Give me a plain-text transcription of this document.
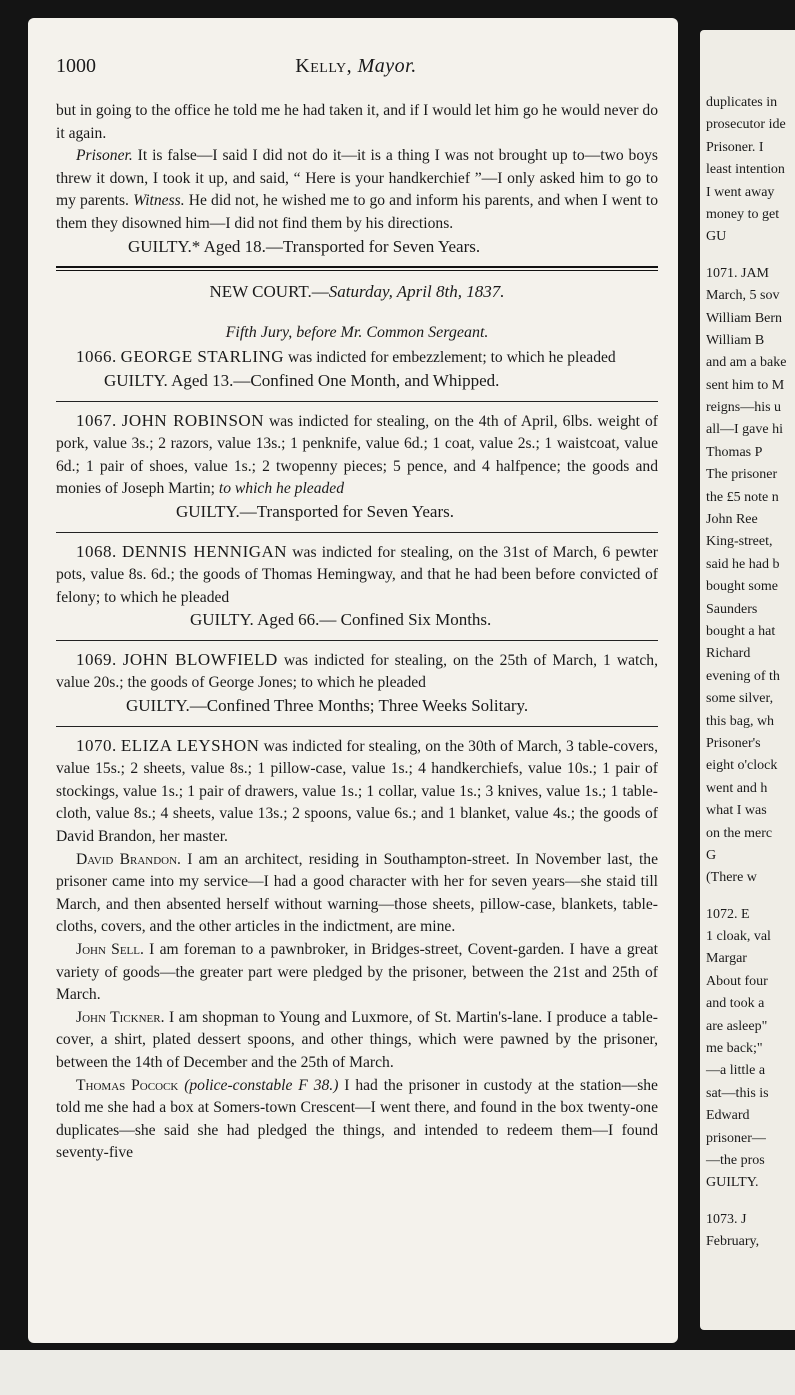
duplicates in
prosecutor ide
Prisoner. I
least intention
I went away
money to get
GU
1071. JAM
March, 5 sov
William Bern
William B
and am a bake
sent him to M
reigns—his u
all—I gave hi
Thomas P
The prisoner
the £5 note n
John Ree
King-street,
said he had b
bought some
Saunders
bought a hat
Richard
evening of th
some silver,
this bag, wh
Prisoner's
eight o'clock
went and h
what I was
on the merc
G
(There w
1072. E
1 cloak, val
Margar
About four
and took a
are asleep"
me back;"
—a little a
sat—this is
Edward
prisoner—
—the pros
GUILTY.
1073. J
February,
1000	Kelly, Mayor.

but in going to the office he told me he had taken it, and if I would let him go he would never do it again.

Prisoner. It is false—I said I did not do it—it is a thing I was not brought up to—two boys threw it down, I took it up, and said, “ Here is your handkerchief ”—I only asked him to go to my parents. Witness. He did not, he wished me to go and inform his parents, and when I went to them they disowned him—I did not find them by his directions.

GUILTY.* Aged 18.—Transported for Seven Years.
NEW COURT.—Saturday, April 8th, 1837.
Fifth Jury, before Mr. Common Sergeant.

1066. GEORGE STARLING was indicted for embezzlement; to which he pleaded

GUILTY. Aged 13.—Confined One Month, and Whipped.

1067. JOHN ROBINSON was indicted for stealing, on the 4th of April, 6lbs. weight of pork, value 3s.; 2 razors, value 13s.; 1 penknife, value 6d.; 1 coat, value 2s.; 1 waistcoat, value 6d.; 1 pair of shoes, value 1s.; 2 twopenny pieces; 5 pence, and 4 halfpence; the goods and monies of Joseph Martin; to which he pleaded

GUILTY.—Transported for Seven Years.

1068. DENNIS HENNIGAN was indicted for stealing, on the 31st of March, 6 pewter pots, value 8s. 6d.; the goods of Thomas Hemingway, and that he had been before convicted of felony; to which he pleaded

GUILTY. Aged 66.— Confined Six Months.

1069. JOHN BLOWFIELD was indicted for stealing, on the 25th of March, 1 watch, value 20s.; the goods of George Jones; to which he pleaded

GUILTY.—Confined Three Months; Three Weeks Solitary.

1070. ELIZA LEYSHON was indicted for stealing, on the 30th of March, 3 table-covers, value 15s.; 2 sheets, value 8s.; 1 pillow-case, value 1s.; 4 handkerchiefs, value 10s.; 1 pair of stockings, value 1s.; 1 pair of drawers, value 1s.; 1 collar, value 1s.; 3 knives, value 1s.; 1 table-cloth, value 8s.; 4 sheets, value 13s.; 2 spoons, value 6s.; and 1 blanket, value 4s.; the goods of David Brandon, her master.

David Brandon. I am an architect, residing in Southampton-street. In November last, the prisoner came into my service—I had a good character with her for seven years—she staid till March, and then absented herself without warning—those sheets, pillow-case, blankets, table-cloths, covers, and the other articles in the indictment, are mine.

John Sell. I am foreman to a pawnbroker, in Bridges-street, Covent-garden. I have a great variety of goods—the greater part were pledged by the prisoner, between the 21st and 25th of March.

John Tickner. I am shopman to Young and Luxmore, of St. Martin's-lane. I produce a table-cover, a shirt, plated dessert spoons, and other things, which were pawned by the prisoner, between the 14th of December and the 25th of March.

Thomas Pocock (police-constable F 38.) I had the prisoner in custody at the station—she told me she had a box at Somers-town Crescent—I went there, and found in the box twenty-one duplicates—she said she had pledged the things, and intended to redeem them—I found seventy-five
